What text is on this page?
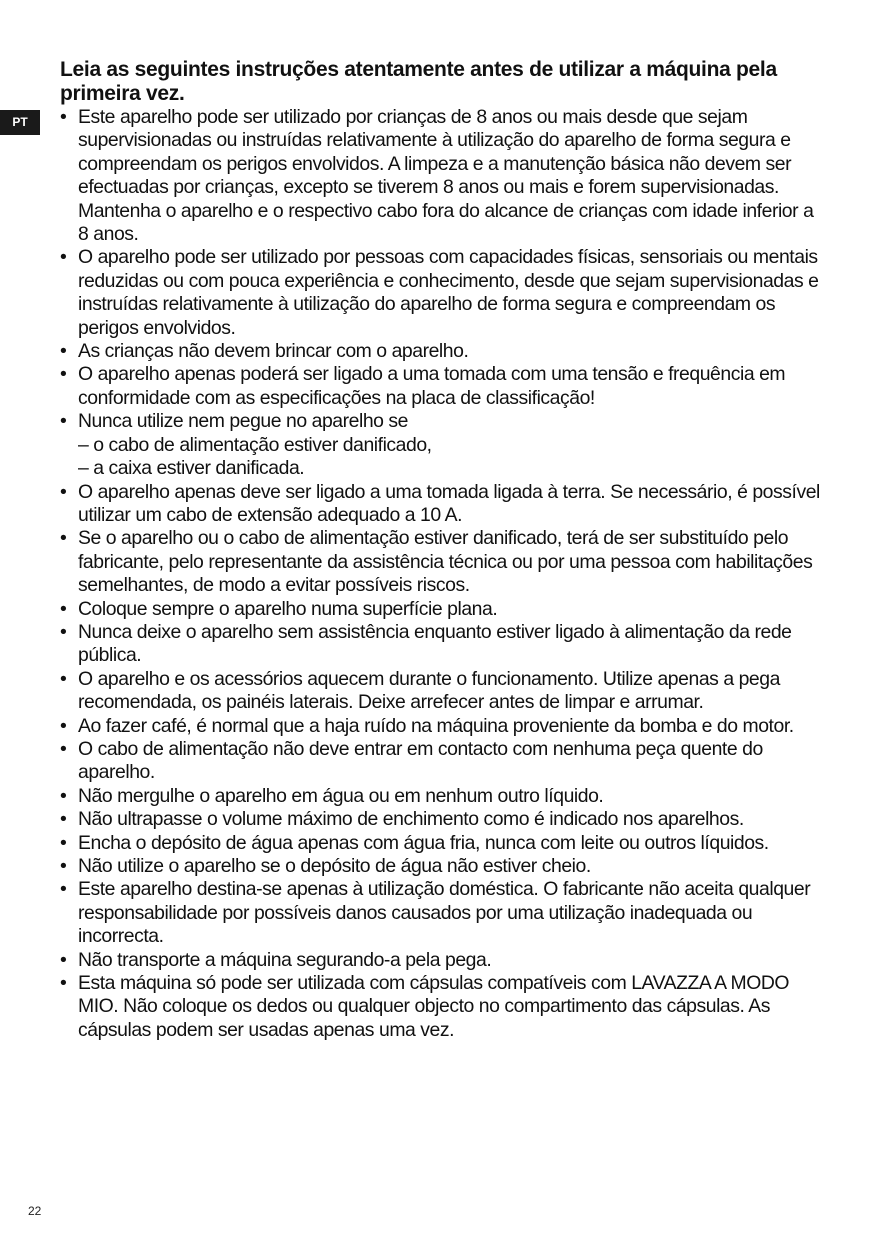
PT
Leia as seguintes instruções atentamente antes de utilizar a máquina pela primeira vez.
• Este aparelho pode ser utilizado por crianças de 8 anos ou mais desde que sejam supervisionadas ou instruídas relativamente à utilização do aparelho de forma segura e compreendam os perigos envolvidos. A limpeza e a manutenção básica não devem ser efectuadas por crianças, excepto se tiverem 8 anos ou mais e forem supervisionadas. Mantenha o aparelho e o respectivo cabo fora do alcance de crianças com idade inferior a 8 anos.
• O aparelho pode ser utilizado por pessoas com capacidades físicas, sensoriais ou mentais reduzidas ou com pouca experiência e conhecimento, desde que sejam supervisionadas e instruídas relativamente à utilização do aparelho de forma segura e compreendam os perigos envolvidos.
• As crianças não devem brincar com o aparelho.
• O aparelho apenas poderá ser ligado a uma tomada com uma tensão e frequência em conformidade com as especificações na placa de classificação!
• Nunca utilize nem pegue no aparelho se
– o cabo de alimentação estiver danificado,
– a caixa estiver danificada.
• O aparelho apenas deve ser ligado a uma tomada ligada à terra. Se necessário, é possível utilizar um cabo de extensão adequado a 10 A.
• Se o aparelho ou o cabo de alimentação estiver danificado, terá de ser substituído pelo fabricante, pelo representante da assistência técnica ou por uma pessoa com habilitações semelhantes, de modo a evitar possíveis riscos.
• Coloque sempre o aparelho numa superfície plana.
• Nunca deixe o aparelho sem assistência enquanto estiver ligado à alimentação da rede pública.
• O aparelho e os acessórios aquecem durante o funcionamento. Utilize apenas a pega recomendada, os painéis laterais. Deixe arrefecer antes de limpar e arrumar.
• Ao fazer café, é normal que a haja ruído na máquina proveniente da bomba e do motor.
• O cabo de alimentação não deve entrar em contacto com nenhuma peça quente do aparelho.
• Não mergulhe o aparelho em água ou em nenhum outro líquido.
• Não ultrapasse o volume máximo de enchimento como é indicado nos aparelhos.
• Encha o depósito de água apenas com água fria, nunca com leite ou outros líquidos.
• Não utilize o aparelho se o depósito de água não estiver cheio.
• Este aparelho destina-se apenas à utilização doméstica. O fabricante não aceita qualquer responsabilidade por possíveis danos causados por uma utilização inadequada ou incorrecta.
• Não transporte a máquina segurando-a pela pega.
• Esta máquina só pode ser utilizada com cápsulas compatíveis com LAVAZZA A MODO MIO. Não coloque os dedos ou qualquer objecto no compartimento das cápsulas. As cápsulas podem ser usadas apenas uma vez.
22
